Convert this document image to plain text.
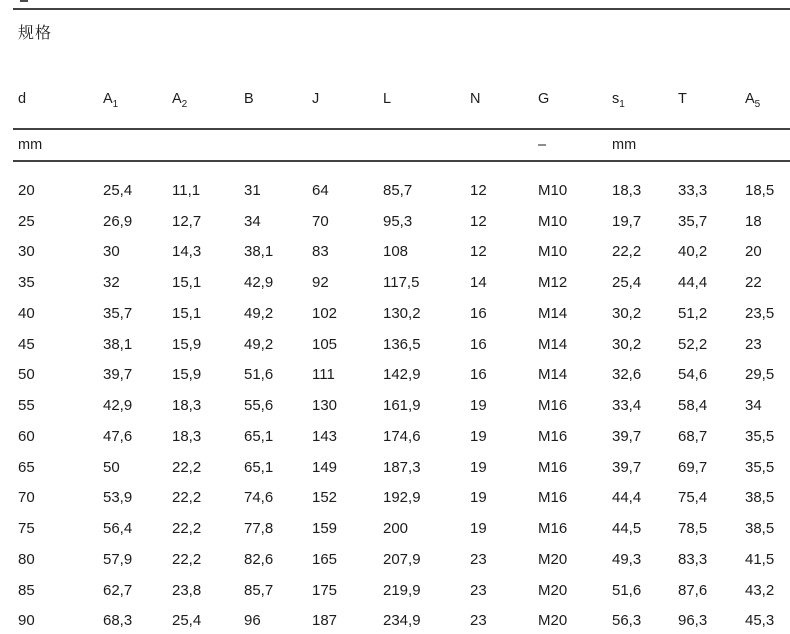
规格
d	$A_1$	$A_2$	B	J	L	N	G	$s_1$	T	$A_5$
mm							–	mm		
20	25,4	11,1	31	64	85,7	12	M10	18,3	33,3	18,5
25	26,9	12,7	34	70	95,3	12	M10	19,7	35,7	18
30	30	14,3	38,1	83	108	12	M10	22,2	40,2	20
35	32	15,1	42,9	92	117,5	14	M12	25,4	44,4	22
40	35,7	15,1	49,2	102	130,2	16	M14	30,2	51,2	23,5
45	38,1	15,9	49,2	105	136,5	16	M14	30,2	52,2	23
50	39,7	15,9	51,6	111	142,9	16	M14	32,6	54,6	29,5
55	42,9	18,3	55,6	130	161,9	19	M16	33,4	58,4	34
60	47,6	18,3	65,1	143	174,6	19	M16	39,7	68,7	35,5
65	50	22,2	65,1	149	187,3	19	M16	39,7	69,7	35,5
70	53,9	22,2	74,6	152	192,9	19	M16	44,4	75,4	38,5
75	56,4	22,2	77,8	159	200	19	M16	44,5	78,5	38,5
80	57,9	22,2	82,6	165	207,9	23	M20	49,3	83,3	41,5
85	62,7	23,8	85,7	175	219,9	23	M20	51,6	87,6	43,2
90	68,3	25,4	96	187	234,9	23	M20	56,3	96,3	45,3
